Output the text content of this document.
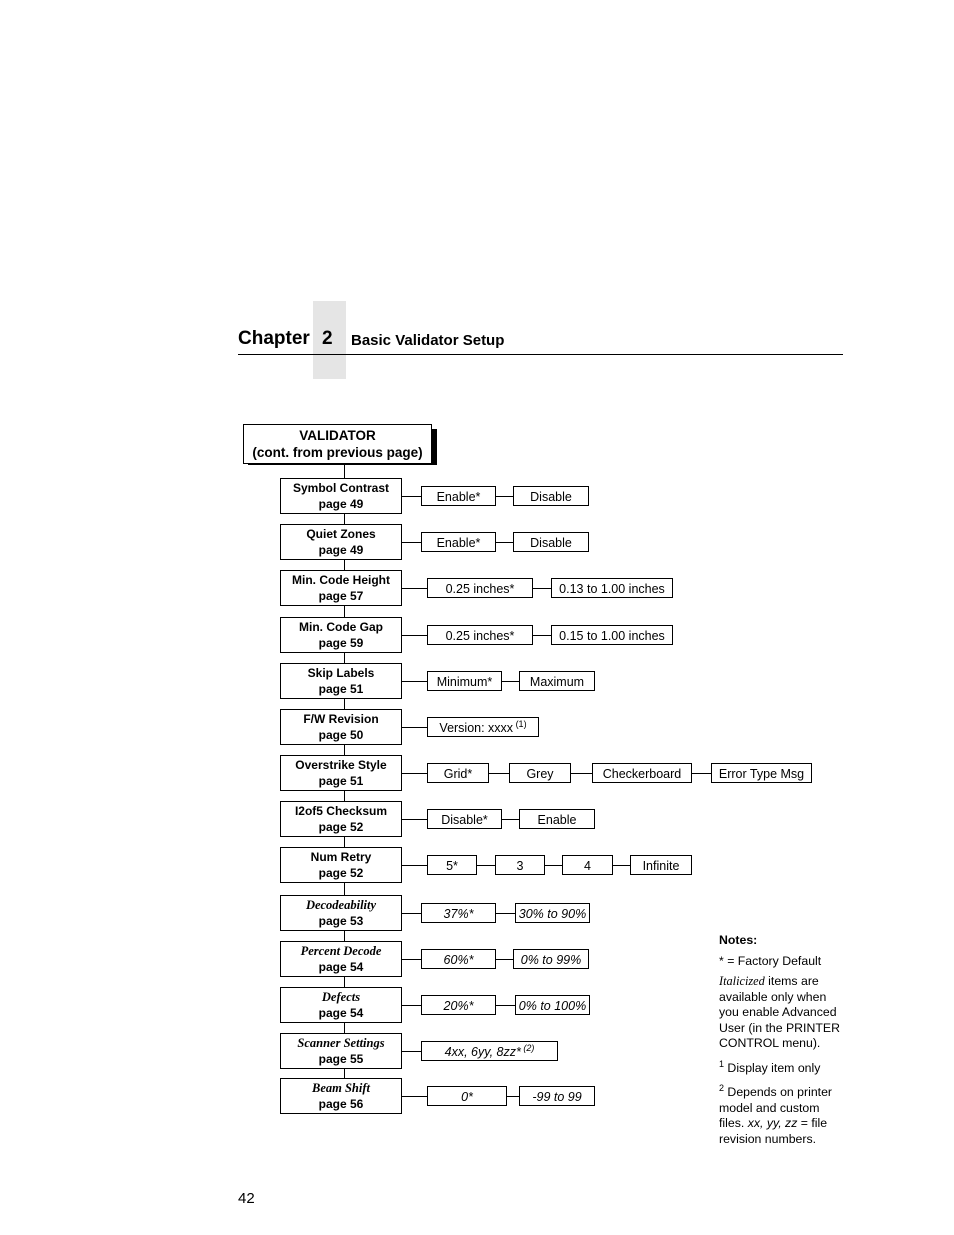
Chapter 2 Basic Validator Setup
VALIDATOR
(cont. from previous page)
Symbol Contrast
page 49	Enable*	Disable
Quiet Zones
page 49	Enable*	Disable
Min. Code Height
page 57	0.25 inches*	0.13 to 1.00 inches
Min. Code Gap
page 59	0.25 inches*	0.15 to 1.00 inches
Skip Labels
page 51	Minimum*	Maximum
F/W Revision
page 50	Version: xxxx $^{(1)}$
Overstrike Style
page 51	Grid*	Grey	Checkerboard	Error Type Msg
I2of5 Checksum
page 52	Disable*	Enable
Num Retry
page 52	5*	3	4	Infinite
Decodeability
page 53	37%*	30% to 90%
Percent Decode
page 54	60%*	0% to 99%
Defects
page 54	20%*	0% to 100%
Scanner Settings
page 55	4xx, 6yy, 8zz* $^{(2)}$
Beam Shift
page 56	0*	-99 to 99
Notes:

* = Factory Default

Italicized items are available only when you enable Advanced User (in the PRINTER CONTROL menu).

$^1$ Display item only

$^2$ Depends on printer model and custom files. xx, yy, zz = file revision numbers.

42
